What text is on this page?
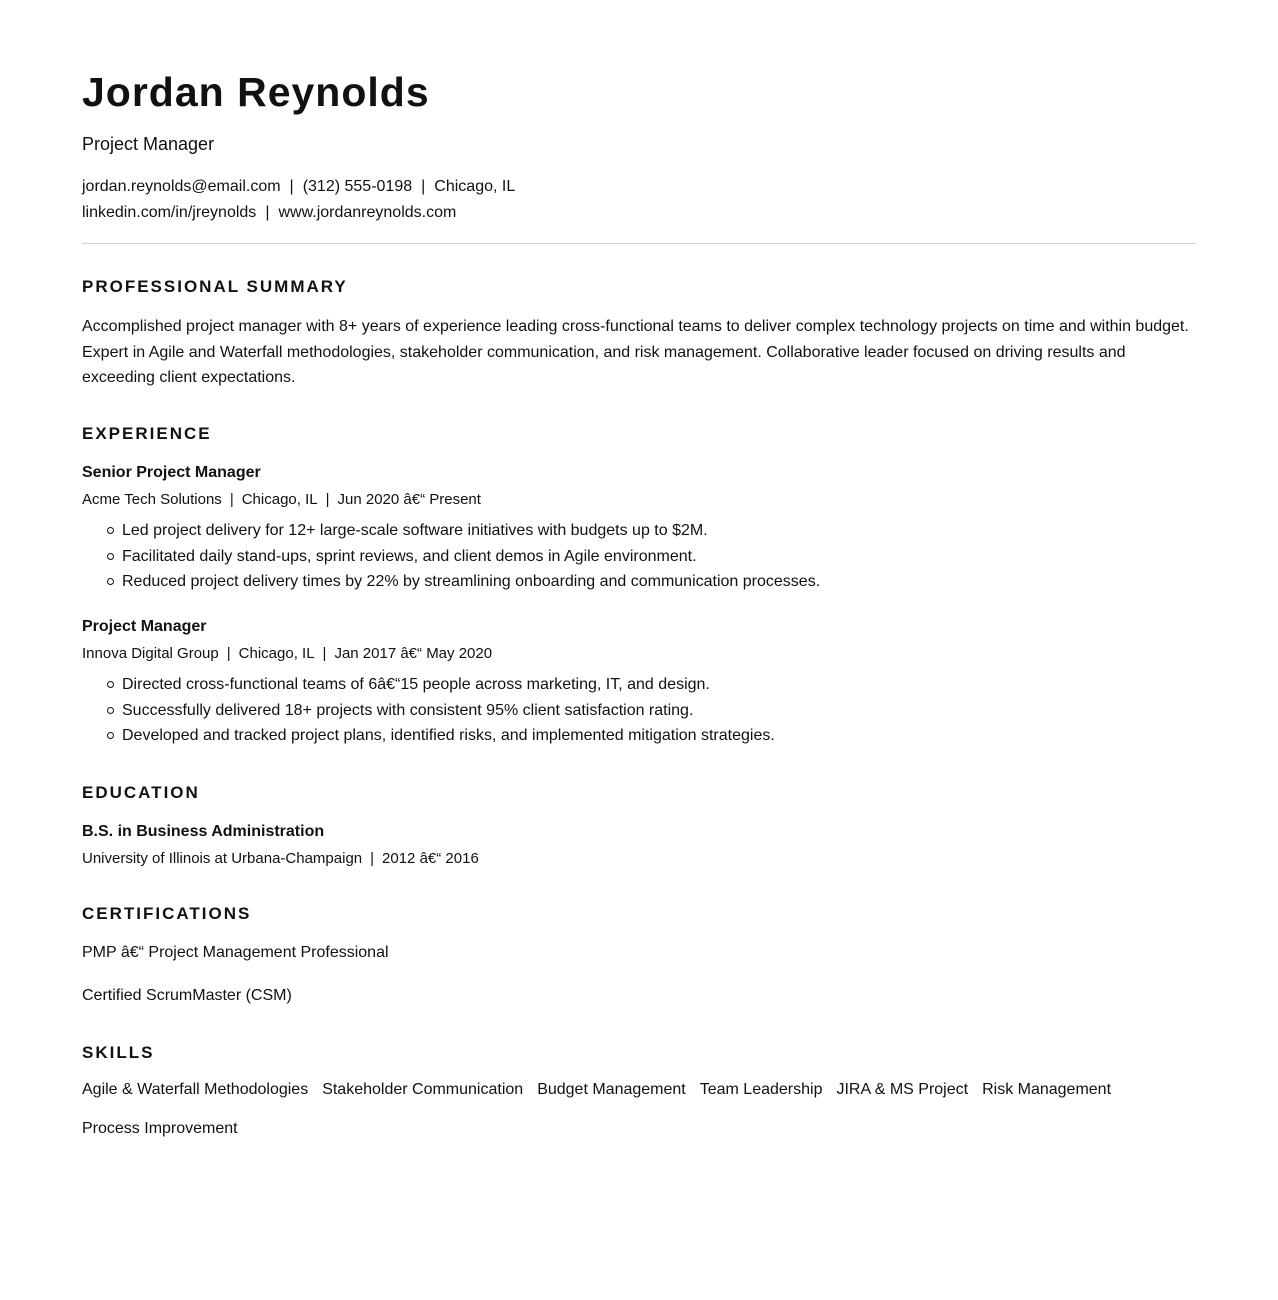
Jordan Reynolds
Project Manager
jordan.reynolds@email.com | (312) 555-0198 | Chicago, IL
linkedin.com/in/jreynolds | www.jordanreynolds.com
PROFESSIONAL SUMMARY

Accomplished project manager with 8+ years of experience leading cross-functional teams to deliver complex technology projects on time and within budget. Expert in Agile and Waterfall methodologies, stakeholder communication, and risk management. Collaborative leader focused on driving results and exceeding client expectations.

EXPERIENCE
Senior Project Manager
Acme Tech Solutions | Chicago, IL | Jun 2020 â€“ Present
Led project delivery for 12+ large-scale software initiatives with budgets up to $2M.
Facilitated daily stand-ups, sprint reviews, and client demos in Agile environment.
Reduced project delivery times by 22% by streamlining onboarding and communication processes.
Project Manager
Innova Digital Group | Chicago, IL | Jan 2017 â€“ May 2020
Directed cross-functional teams of 6â€“15 people across marketing, IT, and design.
Successfully delivered 18+ projects with consistent 95% client satisfaction rating.
Developed and tracked project plans, identified risks, and implemented mitigation strategies.
EDUCATION
B.S. in Business Administration
University of Illinois at Urbana-Champaign | 2012 â€“ 2016
CERTIFICATIONS
PMP â€“ Project Management Professional
Certified ScrumMaster (CSM)
SKILLS
Agile & Waterfall Methodologies Stakeholder Communication Budget Management Team Leadership JIRA & MS Project Risk Management
Process Improvement
